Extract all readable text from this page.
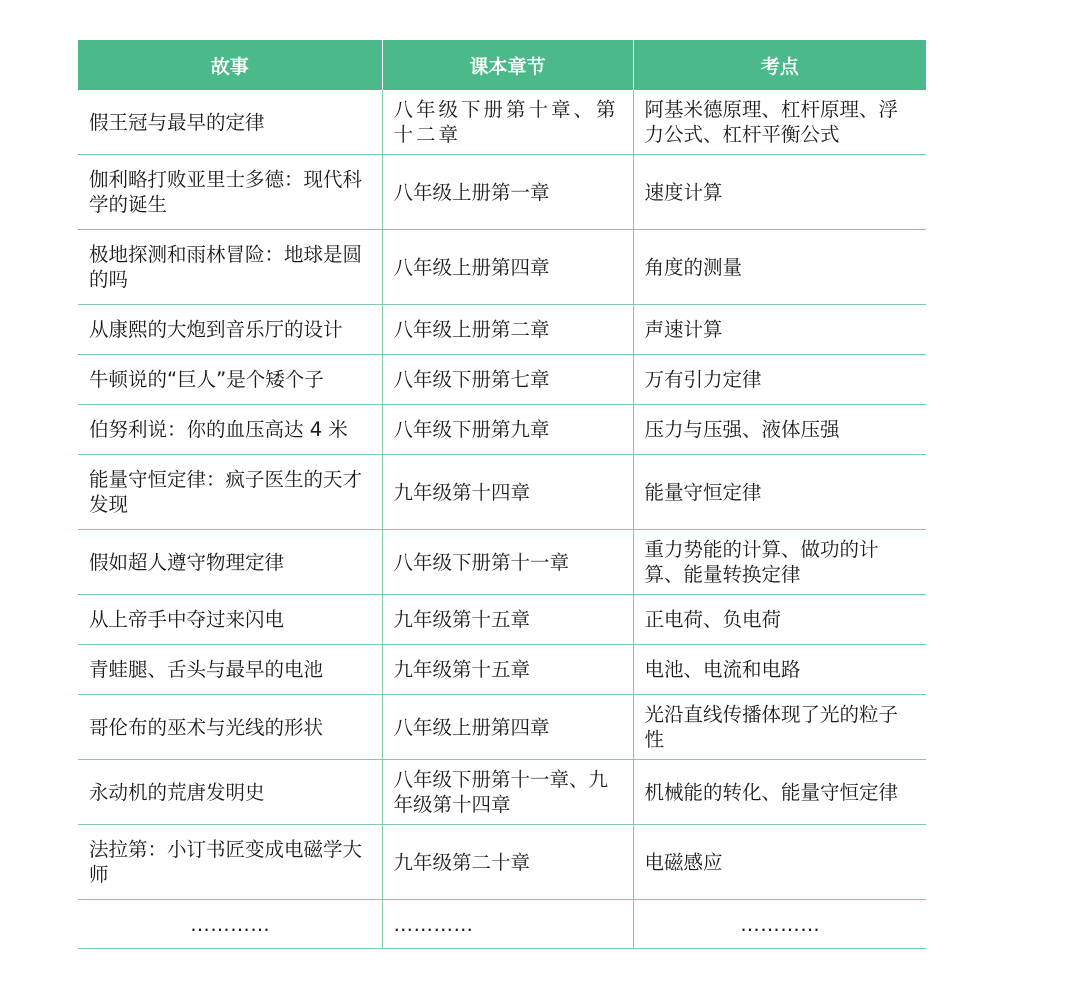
故事	课本章节	考点
假王冠与最早的定律	八年级下册第十章、第十二章	阿基米德原理、杠杆原理、浮力公式、杠杆平衡公式
伽利略打败亚里士多德：现代科学的诞生	八年级上册第一章	速度计算
极地探测和雨林冒险：地球是圆的吗	八年级上册第四章	角度的测量
从康熙的大炮到音乐厅的设计	八年级上册第二章	声速计算
牛顿说的“巨人”是个矮个子	八年级下册第七章	万有引力定律
伯努利说：你的血压高达 4 米	八年级下册第九章	压力与压强、液体压强
能量守恒定律：疯子医生的天才发现	九年级第十四章	能量守恒定律
假如超人遵守物理定律	八年级下册第十一章	重力势能的计算、做功的计算、能量转换定律
从上帝手中夺过来闪电	九年级第十五章	正电荷、负电荷
青蛙腿、舌头与最早的电池	九年级第十五章	电池、电流和电路
哥伦布的巫术与光线的形状	八年级上册第四章	光沿直线传播体现了光的粒子性
永动机的荒唐发明史	八年级下册第十一章、九年级第十四章	机械能的转化、能量守恒定律
法拉第：小订书匠变成电磁学大师	九年级第二十章	电磁感应
…………	…………	…………
